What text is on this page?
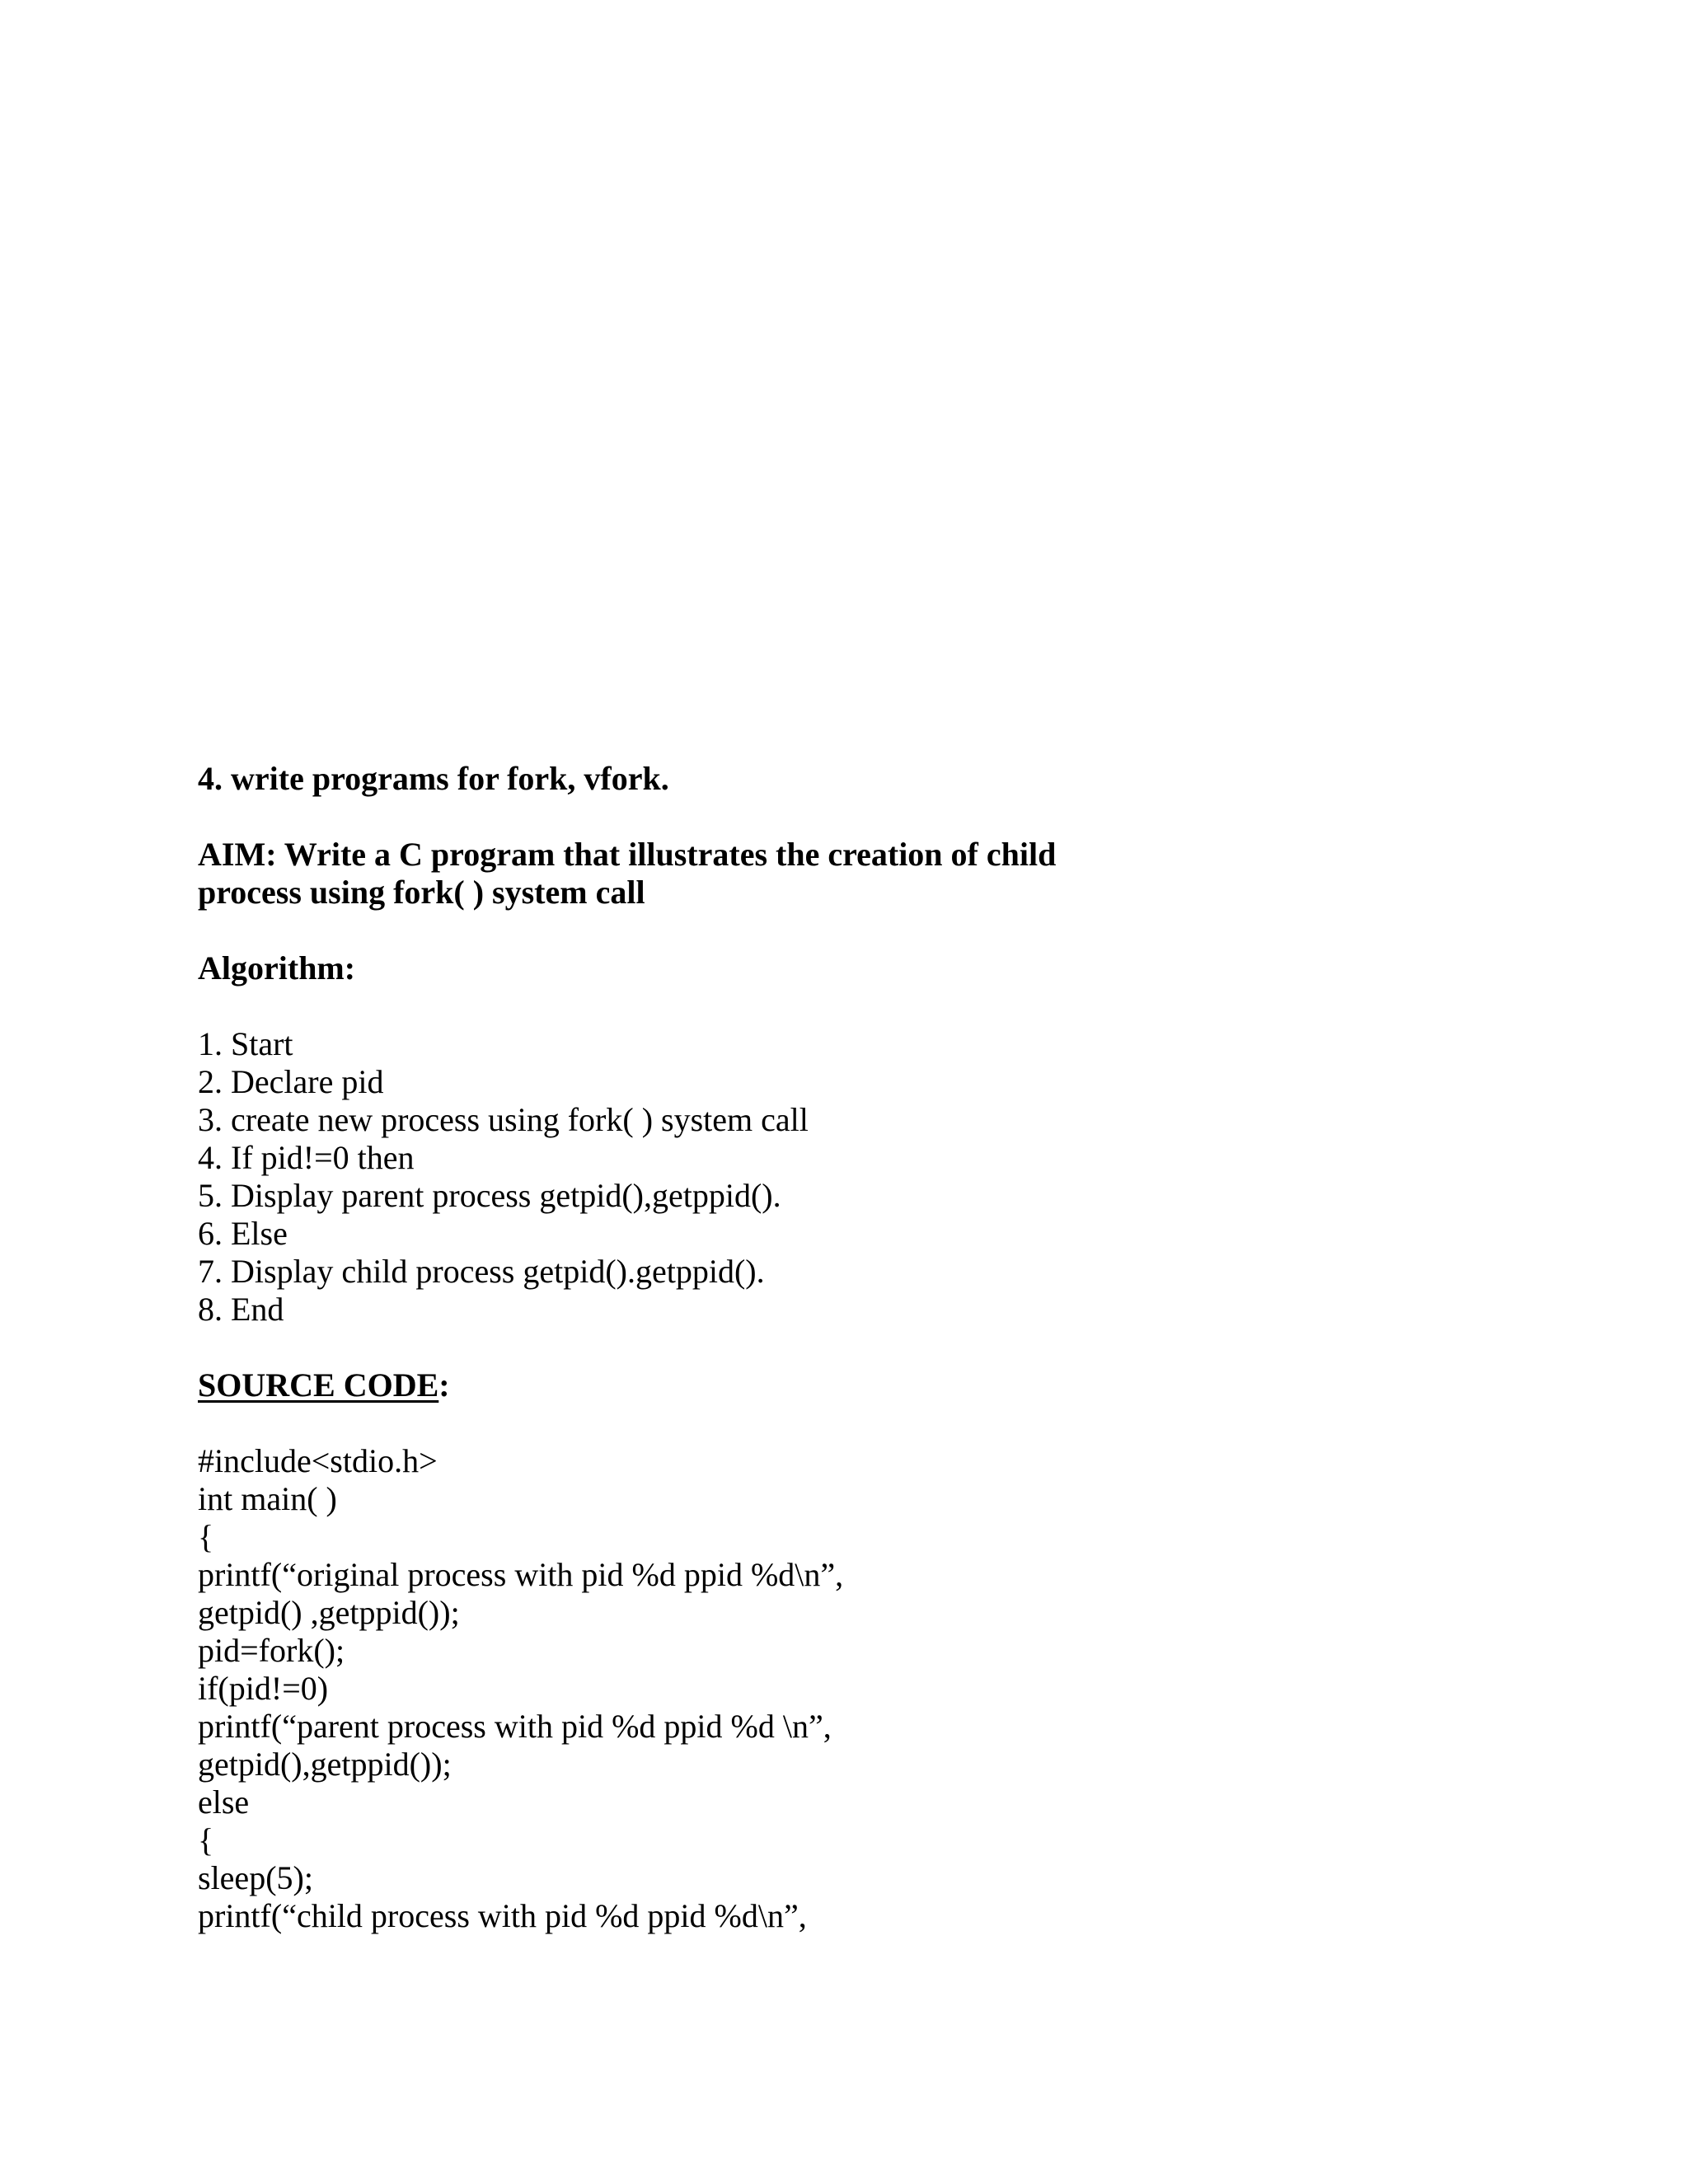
4. write programs for fork, vfork.

AIM: Write a C program that illustrates the creation of child

process using fork( ) system call

Algorithm:

1. Start

2. Declare pid

3. create new process using fork( ) system call

4. If pid!=0 then

5. Display parent process getpid(),getppid().

6. Else

7. Display child process getpid().getppid().

8. End

SOURCE CODE:

#include<stdio.h>

int main( )

{

printf(“original process with pid %d ppid %d\n”,

getpid() ,getppid());

pid=fork();

if(pid!=0)

printf(“parent process with pid %d ppid %d \n”,

getpid(),getppid());

else

{

sleep(5);

printf(“child process with pid %d ppid %d\n”,
